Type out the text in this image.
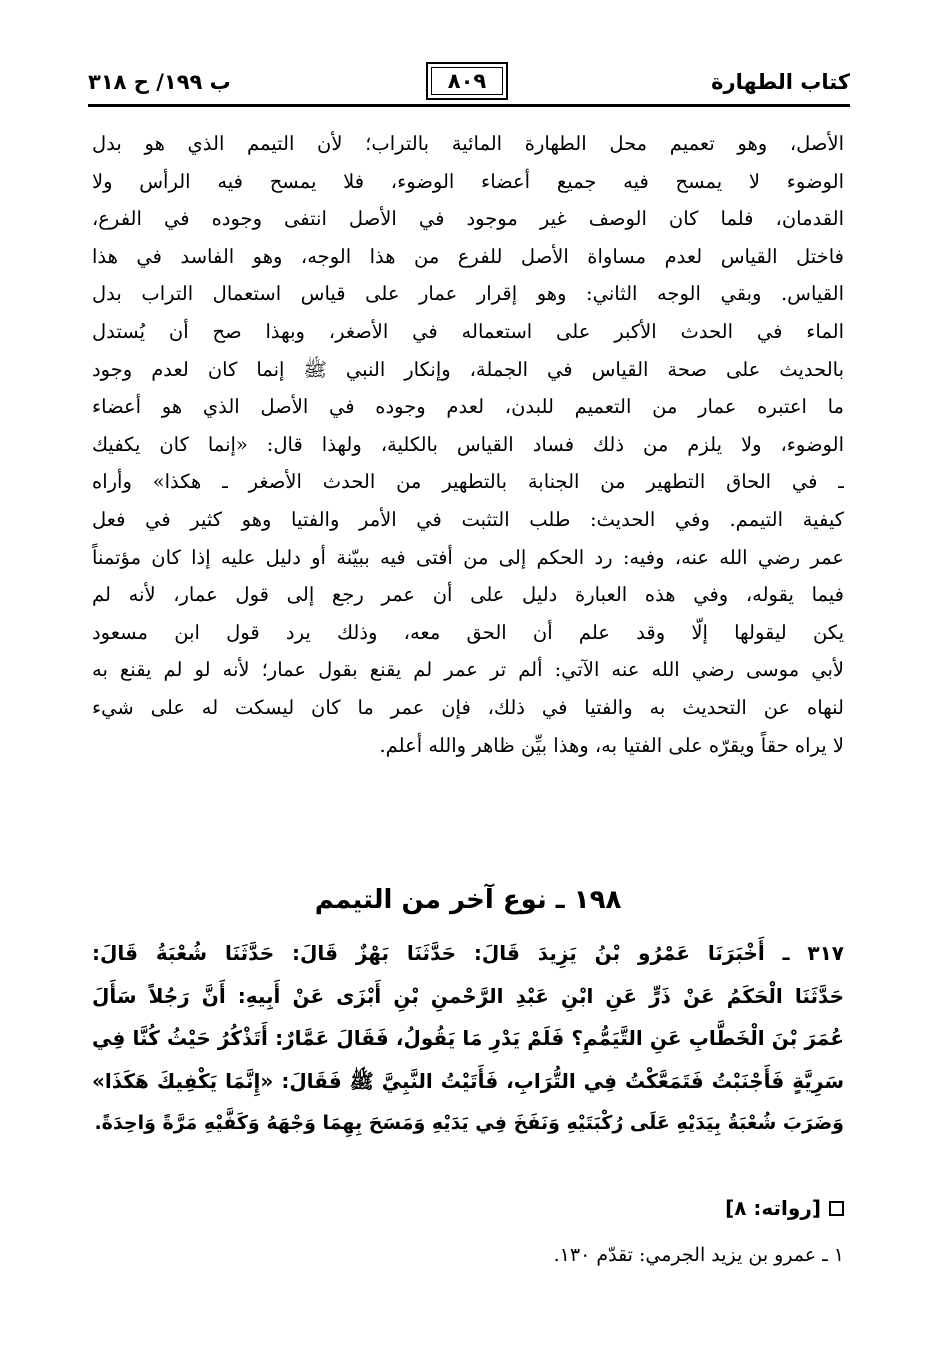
ب ١٩٩/ ح ٣١٨	٨٠٩	كتاب الطهارة
الأصل، وهو تعميم محل الطهارة المائية بالتراب؛ لأن التيمم الذي هو بدل
الوضوء لا يمسح فيه جميع أعضاء الوضوء، فلا يمسح فيه الرأس ولا
القدمان، فلما كان الوصف غير موجود في الأصل انتفى وجوده في الفرع،
فاختل القياس لعدم مساواة الأصل للفرع من هذا الوجه، وهو الفاسد في هذا
القياس. وبقي الوجه الثاني: وهو إقرار عمار على قياس استعمال التراب بدل
الماء في الحدث الأكبر على استعماله في الأصغر، وبهذا صح أن يُستدل
بالحديث على صحة القياس في الجملة، وإنكار النبي ﷺ إنما كان لعدم وجود
ما اعتبره عمار من التعميم للبدن، لعدم وجوده في الأصل الذي هو أعضاء
الوضوء، ولا يلزم من ذلك فساد القياس بالكلية، ولهذا قال: «إنما كان يكفيك
ـ في الحاق التطهير من الجنابة بالتطهير من الحدث الأصغر ـ هكذا» وأراه
كيفية التيمم. وفي الحديث: طلب التثبت في الأمر والفتيا وهو كثير في فعل
عمر رضي الله عنه، وفيه: رد الحكم إلى من أفتى فيه ببيّنة أو دليل عليه إذا كان مؤتمناً
فيما يقوله، وفي هذه العبارة دليل على أن عمر رجع إلى قول عمار، لأنه لم
يكن ليقولها إلّا وقد علم أن الحق معه، وذلك يرد قول ابن مسعود
لأبي موسى رضي الله عنه الآتي: ألم تر عمر لم يقنع بقول عمار؛ لأنه لو لم يقنع به
لنهاه عن التحديث به والفتيا في ذلك، فإن عمر ما كان ليسكت له على شيء
لا يراه حقاً ويقرّه على الفتيا به، وهذا بيِّن ظاهر والله أعلم.
١٩٨ ـ نوع آخر من التيمم
٣١٧ ـ أَخْبَرَنَا عَمْرُو بْنُ يَزِيدَ قَالَ: حَدَّثَنَا بَهْزٌ قَالَ: حَدَّثَنَا شُعْبَةُ قَالَ:
حَدَّثَنَا الْحَكَمُ عَنْ ذَرٍّ عَنِ ابْنِ عَبْدِ الرَّحْمنِ بْنِ أَبْزَى عَنْ أَبِيهِ: أَنَّ رَجُلاً سَأَلَ
عُمَرَ بْنَ الْخَطَّابِ عَنِ التَّيَمُّمِ؟ فَلَمْ يَدْرِ مَا يَقُولُ، فَقَالَ عَمَّارٌ: أَتَذْكُرُ حَيْثُ كُنَّا فِي
سَرِيَّةٍ فَأَجْنَبْتُ فَتَمَعَّكْتُ فِي التُّرَابِ، فَأَتَيْتُ النَّبِيَّ ﷺ فَقَالَ: «إِنَّمَا يَكْفِيكَ هَكَذَا»
وَضَرَبَ شُعْبَةُ بِيَدَيْهِ عَلَى رُكْبَتَيْهِ وَنَفَخَ فِي يَدَيْهِ وَمَسَحَ بِهِمَا وَجْهَهُ وَكَفَّيْهِ مَرَّةً وَاحِدَةً.
[رواته: ٨]
١ ـ عمرو بن يزيد الجرمي: تقدّم ١٣٠.
